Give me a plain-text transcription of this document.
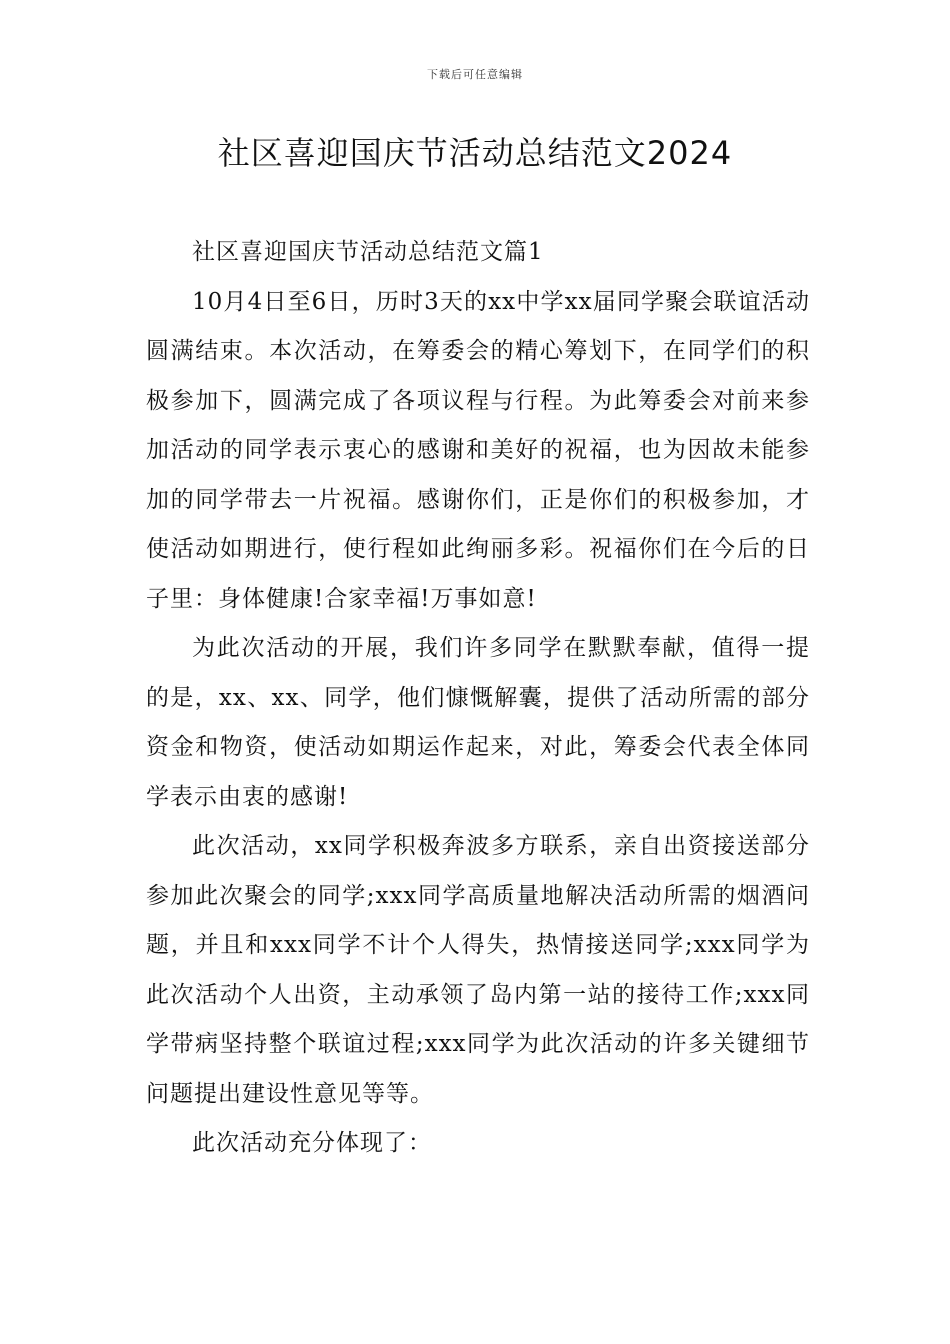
下载后可任意编辑
社区喜迎国庆节活动总结范文2024

社区喜迎国庆节活动总结范文篇1

10月4日至6日，历时3天的xx中学xx届同学聚会联谊活动圆满结束。本次活动，在筹委会的精心筹划下，在同学们的积极参加下，圆满完成了各项议程与行程。为此筹委会对前来参加活动的同学表示衷心的感谢和美好的祝福，也为因故未能参加的同学带去一片祝福。感谢你们，正是你们的积极参加，才使活动如期进行，使行程如此绚丽多彩。祝福你们在今后的日子里：身体健康!合家幸福!万事如意!

为此次活动的开展，我们许多同学在默默奉献，值得一提的是，xx、xx、同学，他们慷慨解囊，提供了活动所需的部分资金和物资，使活动如期运作起来，对此，筹委会代表全体同学表示由衷的感谢!

此次活动，xx同学积极奔波多方联系，亲自出资接送部分参加此次聚会的同学;xxx同学高质量地解决活动所需的烟酒问题，并且和xxx同学不计个人得失，热情接送同学;xxx同学为此次活动个人出资，主动承领了岛内第一站的接待工作;xxx同学带病坚持整个联谊过程;xxx同学为此次活动的许多关键细节问题提出建设性意见等等。

此次活动充分体现了：
